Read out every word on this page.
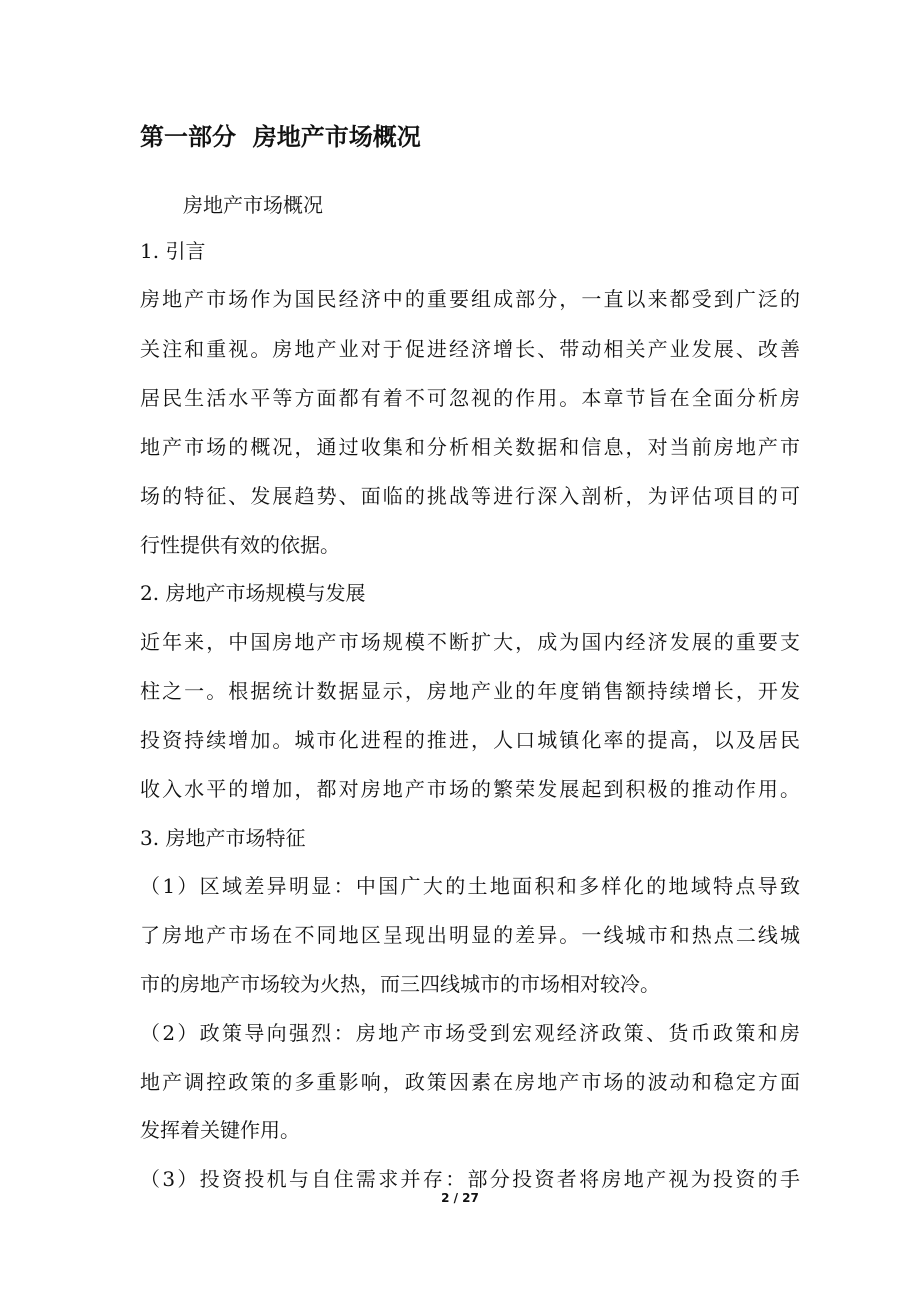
第一部分  房地产市场概况
房地产市场概况
1. 引言
房地产市场作为国民经济中的重要组成部分，一直以来都受到广泛的
关注和重视。房地产业对于促进经济增长、带动相关产业发展、改善
居民生活水平等方面都有着不可忽视的作用。本章节旨在全面分析房
地产市场的概况，通过收集和分析相关数据和信息，对当前房地产市
场的特征、发展趋势、面临的挑战等进行深入剖析，为评估项目的可
行性提供有效的依据。
2. 房地产市场规模与发展
近年来，中国房地产市场规模不断扩大，成为国内经济发展的重要支
柱之一。根据统计数据显示，房地产业的年度销售额持续增长，开发
投资持续增加。城市化进程的推进，人口城镇化率的提高，以及居民
收入水平的增加，都对房地产市场的繁荣发展起到积极的推动作用。
3. 房地产市场特征
（1）区域差异明显：中国广大的土地面积和多样化的地域特点导致
了房地产市场在不同地区呈现出明显的差异。一线城市和热点二线城
市的房地产市场较为火热，而三四线城市的市场相对较冷。
（2）政策导向强烈：房地产市场受到宏观经济政策、货币政策和房
地产调控政策的多重影响，政策因素在房地产市场的波动和稳定方面
发挥着关键作用。
（3）投资投机与自住需求并存：部分投资者将房地产视为投资的手
2 / 27
